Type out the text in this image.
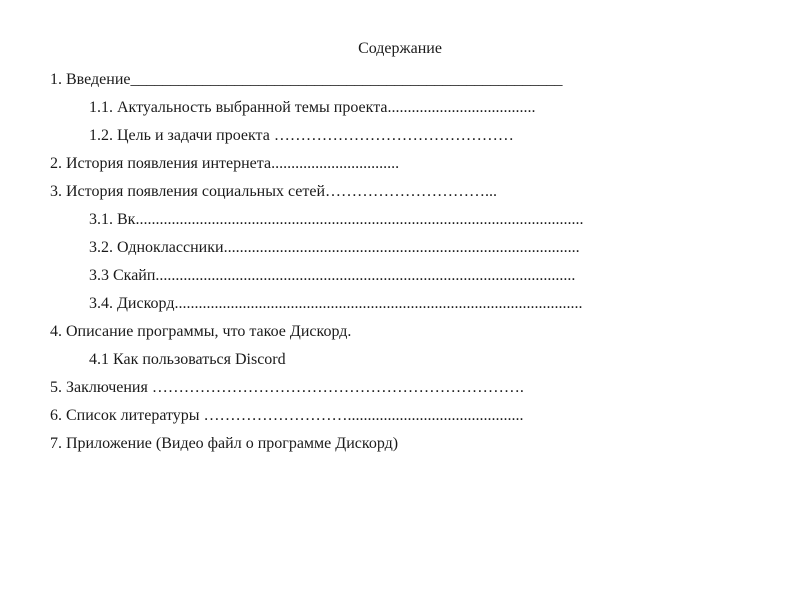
Содержание
1. Введение______________________________________________________
1.1. Актуальность выбранной темы проекта.....................................
1.2. Цель и задачи проекта ………………………………………
2. История появления интернета................................
3. История появления социальных сетей…………………………...
3.1. Вк................................................................................................................
3.2. Одноклассники.........................................................................................
3.3 Скайп.........................................................................................................
3.4. Дискорд......................................................................................................
4. Описание программы, что такое Дискорд.
4.1 Как пользоваться Discord
5. Заключения …………………………………………………………….
6. Список литературы ………………………............................................
7. Приложение (Видео файл о программе Дискорд)
